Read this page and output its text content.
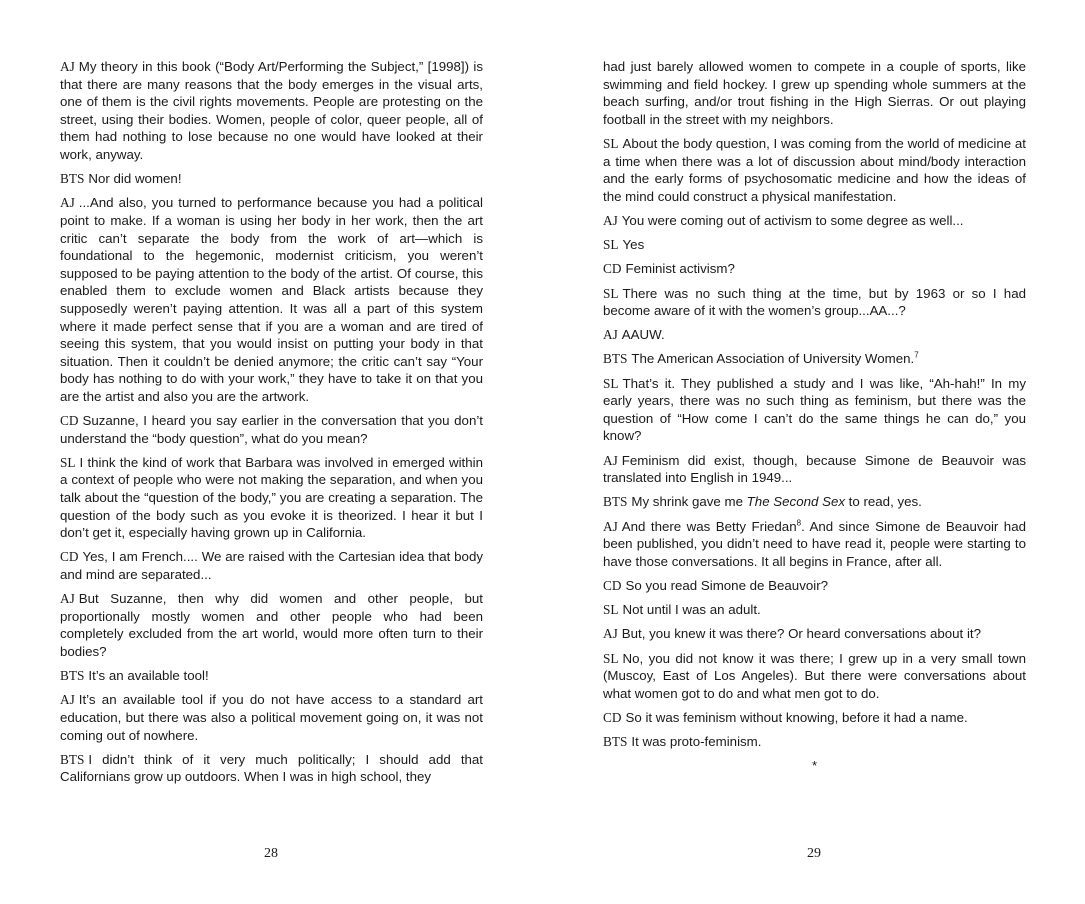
AJ My theory in this book (“Body Art/Performing the Subject,” [1998]) is that there are many reasons that the body emerges in the visual arts, one of them is the civil rights movements. People are protesting on the street, using their bodies. Women, people of color, queer people, all of them had nothing to lose because no one would have looked at their work, anyway.

BTS Nor did women!

AJ ...And also, you turned to performance because you had a political point to make. If a woman is using her body in her work, then the art critic can’t separate the body from the work of art—which is foundational to the hegemonic, modernist criticism, you weren’t supposed to be paying attention to the body of the artist. Of course, this enabled them to exclude women and Black artists because they supposedly weren’t paying attention. It was all a part of this system where it made perfect sense that if you are a woman and are tired of seeing this system, that you would insist on putting your body in that situation. Then it couldn’t be denied anymore; the critic can’t say “Your body has nothing to do with your work,” they have to take it on that you are the artist and also you are the artwork.

CD Suzanne, I heard you say earlier in the conversation that you don’t understand the “body question”, what do you mean?

SL I think the kind of work that Barbara was involved in emerged within a context of people who were not making the separation, and when you talk about the “question of the body,” you are creating a separation. The question of the body such as you evoke it is theorized. I hear it but I don’t get it, especially having grown up in California.

CD Yes, I am French.... We are raised with the Cartesian idea that body and mind are separated...

AJ But Suzanne, then why did women and other people, but proportionally mostly women and other people who had been completely excluded from the art world, would more often turn to their bodies?

BTS It’s an available tool!

AJ It’s an available tool if you do not have access to a standard art education, but there was also a political movement going on, it was not coming out of nowhere.

BTS I didn’t think of it very much politically; I should add that Californians grow up outdoors. When I was in high school, they

28

had just barely allowed women to compete in a couple of sports, like swimming and field hockey. I grew up spending whole summers at the beach surfing, and/or trout fishing in the High Sierras. Or out playing football in the street with my neighbors.

SL About the body question, I was coming from the world of medicine at a time when there was a lot of discussion about mind/body interaction and the early forms of psychosomatic medicine and how the ideas of the mind could construct a physical manifestation.

AJ You were coming out of activism to some degree as well...

SL Yes

CD Feminist activism?

SL There was no such thing at the time, but by 1963 or so I had become aware of it with the women’s group...AA...?

AJ AAUW.

BTS The American Association of University Women.$^7$

SL That’s it. They published a study and I was like, “Ah-hah!” In my early years, there was no such thing as feminism, but there was the question of “How come I can’t do the same things he can do,” you know?

AJ Feminism did exist, though, because Simone de Beauvoir was translated into English in 1949...

BTS My shrink gave me The Second Sex to read, yes.

AJ And there was Betty Friedan$^8$. And since Simone de Beauvoir had been published, you didn’t need to have read it, people were starting to have those conversations. It all begins in France, after all.

CD So you read Simone de Beauvoir?

SL Not until I was an adult.

AJ But, you knew it was there? Or heard conversations about it?

SL No, you did not know it was there; I grew up in a very small town (Muscoy, East of Los Angeles). But there were conversations about what women got to do and what men got to do.

CD So it was feminism without knowing, before it had a name.

BTS It was proto-feminism.

*
29
